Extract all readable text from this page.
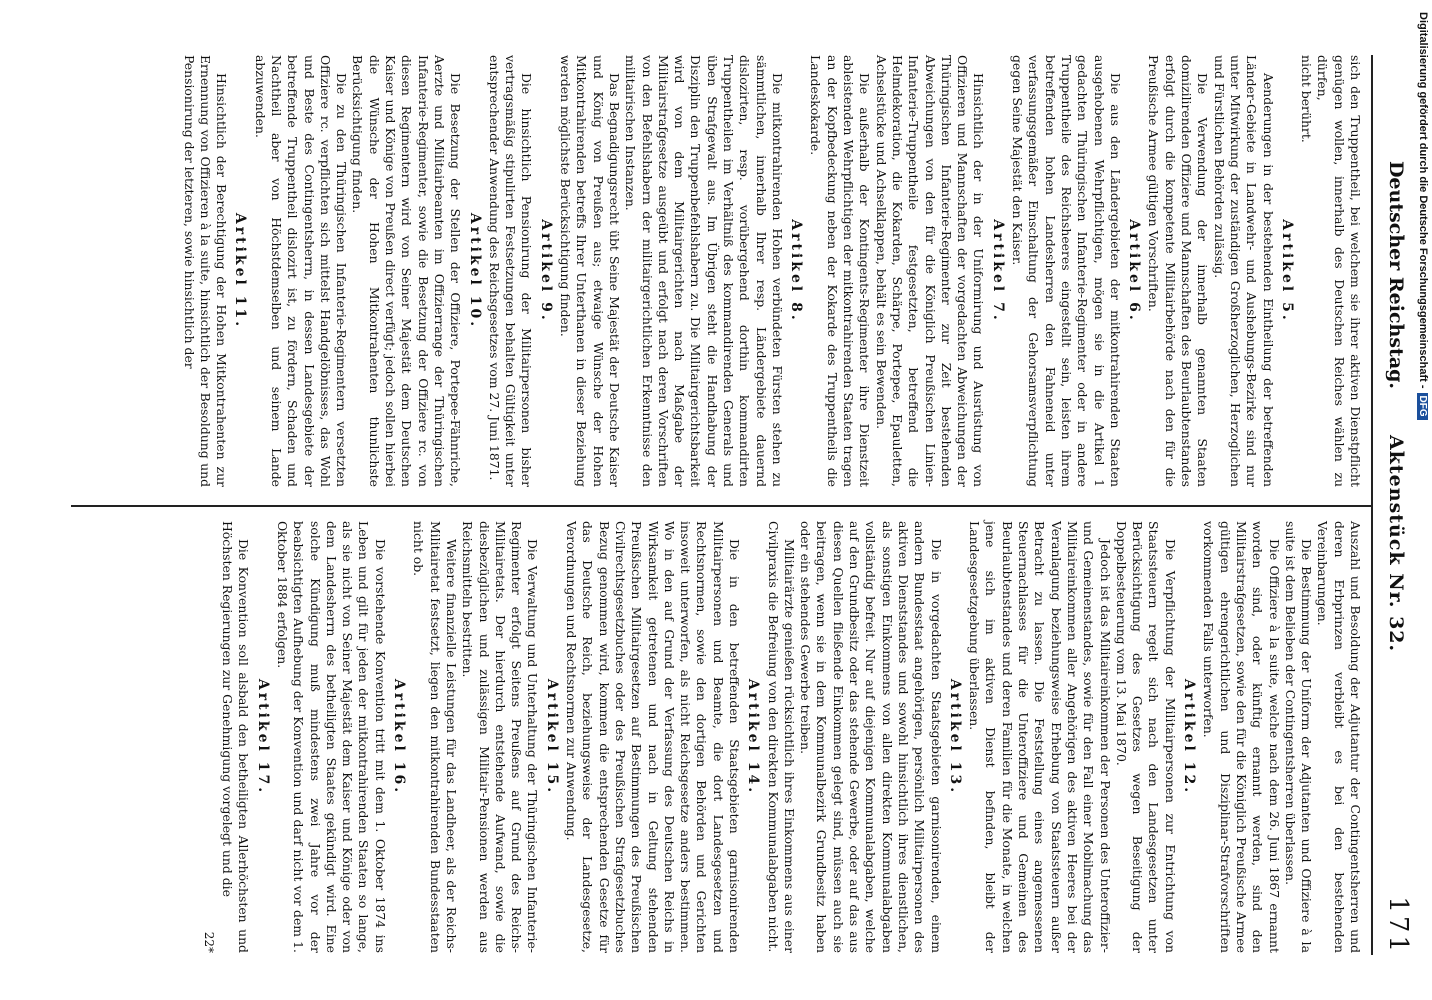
Deutscher Reichstag.
171
Aktenstück Nr. 32.

sich den Truppentheil, bei welchem sie ihrer aktiven Dienstpflicht genügen wollen, innerhalb des Deutschen Reiches wählen zu dürfen,

nicht berührt.

Artikel 5.

Aenderungen in der bestehenden Eintheilung der betreffenden Länder-Gebiete in Landwehr- und Aushebungs-Bezirke sind nur unter Mitwirkung der zuständigen Großherzoglichen, Herzoglichen und Fürstlichen Behörden zulässig.

Die Verwendung der innerhalb genannten Staaten domizilirenden Offiziere und Mannschaften des Beurlaubtenstandes erfolgt durch die kompetente Militairbehörde nach den für die Preußische Armee gültigen Vorschriften.

Artikel 6.

Die aus den Ländergebieten der mitkontrahirenden Staaten ausgehobenen Wehrpflichtigen, mögen sie in die Artikel 1 gedachten Thüringischen Infanterie-Regimenter oder in andere Truppentheile des Reichsheeres eingestellt sein, leisten ihrem betreffenden hohen Landesherren den Fahneneid unter verfassungsgemäßer Einschaltung der Gehorsamsverpflichtung gegen Seine Majestät den Kaiser.

Artikel 7.

Hinsichtlich der in der Uniformirung und Ausrüstung von Offizieren und Mannschaften der vorgedachten Abweichungen der Thüringischen Infanterie-Regimenter zur Zeit bestehenden Abweichungen von den für die Königlich Preußischen Linien-Infanterie-Truppentheile festgesetzten, betreffend die Helmdekoration, die Kokarden, Schärpe, Portepee, Epauletten, Achselstücke und Achselklappen, behält es sein Bewenden.

Die außerhalb der Kontingents-Regimenter ihre Dienstzeit ableistenden Wehrpflichtigen der mitkontrahirenden Staaten tragen an der Kopfbedeckung neben der Kokarde des Truppentheils die Landeskokarde.

Artikel 8.

Die mitkontrahirenden Hohen verbündeten Fürsten stehen zu sämmtlichen, innerhalb Ihrer resp. Ländergebiete dauernd dislozirten, resp. vorübergehend dorthin kommandirten Truppentheilen im Verhältniß des kommandirenden Generals und üben Strafgewalt aus. Im Übrigen steht die Handhabung der Disziplin den Truppenbefehlshabern zu. Die Militairgerichtsbarkeit wird von dem Militairgerichten nach Maßgabe der Militairstrafgesetze ausgeübt und erfolgt nach deren Vorschriften von den Befehlshabern der militairgerichtlichen Erkenntnisse den militairischen Instanzen.

Das Begnadigungsrecht übt Seine Majestät der Deutsche Kaiser und König von Preußen aus; etwaige Wünsche der Hohen Mitkontrahirenden betreffs Ihrer Unterthanen in dieser Beziehung werden möglichste Berücksichtigung finden.

Artikel 9.

Die hinsichtlich Pensionirung der Militairpersonen bisher vertragsmäßig stipulirten Festsetzungen behalten Gültigkeit unter entsprechender Anwendung des Reichsgesetzes vom 27. Juni 1871.

Artikel 10.

Die Besetzung der Stellen der Offiziere, Portepee-Fähnriche, Aerzte und Militairbeamten im Offizierrange der Thüringischen Infanterie-Regimenter, sowie die Besetzung der Offiziere rc. von diesen Regimentern wird von Seiner Majestät dem Deutschen Kaiser und Könige von Preußen direct verfügt; jedoch sollen hierbei die Wünsche der Hohen Mitkontrahenten thunlichste Berücksichtigung finden.

Die zu den Thüringischen Infanterie-Regimentern versetzten Offiziere rc. verpflichten sich mittelst Handgelöbnisses, das Wohl und Beste des Contingentsherrn, in dessen Landesgebiete der betreffende Truppentheil dislozirt ist, zu fördern, Schaden und Nachtheil aber von Höchstdemselben und seinem Lande abzuwenden.

Artikel 11.

Hinsichtlich der Berechtigung der Hohen Mitkontrahenten zur Ernennung von Offizieren à la suite, hinsichtlich der Besoldung und Pensionirung der letzteren, sowie hinsichtlich der

Auszahl und Besoldung der Adjutantur der Contingentsherren und deren Erbprinzen verbleibt es bei den bestehenden Vereinbarungen.

Die Bestimmung der Uniform der Adjutanten und Offiziere à la suite ist dem Belieben der Contingentsherren überlassen.

Die Offiziere à la suite, welche nach dem 26. Juni 1867 ernannt worden sind, oder künftig ernannt werden, sind den Militairstrafgesetzen, sowie den für die Königlich Preußische Armee gültigen ehrengerichtlichen und Disziplinar-Strafvorschriften vorkommenden Falls unterworfen.

Artikel 12.

Die Verpflichtung der Militairpersonen zur Entrichtung von Staatssteuern regelt sich nach den Landesgesetzen unter Berücksichtigung des Gesetzes wegen Beseitigung der Doppelbesteuerung vom 13. Mai 1870.

Jedoch ist das Militaireinkommen der Personen des Unteroffizier- und Gemeinenstandes, sowie für den Fall einer Mobilmachung das Militaireinkommen aller Angehörigen des aktiven Heeres bei der Veranlagung beziehungsweise Erhebung von Staatssteuern außer Betracht zu lassen. Die Feststellung eines angemessenen Steuernachlasses für die Unteroffiziere und Gemeinen des Beurlaubtenstandes und deren Familien für die Monate, in welchen jene sich im aktiven Dienst befinden, bleibt der Landesgesetzgebung überlassen.

Artikel 13.

Die in vorgedachten Staatsgebieten garnisonirenden, einem andern Bundesstaat angehörigen, persönlich Militairpersonen des aktiven Dienststandes und sowohl hinsichtlich ihres dienstlichen, als sonstigen Einkommens von allen direkten Kommunalabgaben vollständig befreit. Nur auf diejenigen Kommunalabgaben, welche auf den Grundbesitz oder das stehende Gewerbe, oder auf das aus diesen Quellen fließende Einkommen gelegt sind, müssen auch sie beitragen, wenn sie in dem Kommunalbezirk Grundbesitz haben oder ein stehendes Gewerbe treiben.

Militairärzte genießen rücksichtlich ihres Einkommens aus einer Civilpraxis die Befreiung von den direkten Kommunalabgaben nicht.

Artikel 14.

Die in den betreffenden Staatsgebieten garnisonirenden Militairpersonen und Beamte, die dort Landesgesetzen und Rechtsnormen, sowie den dortigen Behörden und Gerichten insoweit unterworfen, als nicht Reichsgesetze anders bestimmen. Wo in den auf Grund der Verfassung des Deutschen Reichs in Wirksamkeit getretenen und nach in Geltung stehenden Preußischen Militairgesetzen auf Bestimmungen des Preußischen Civilrechtsgesetzbuches oder des Preußischen Strafgesetzbuches Bezug genommen wird, kommen die entsprechenden Gesetze für das Deutsche Reich, beziehungsweise der Landesgesetze, Verordnungen und Rechtsnormen zur Anwendung.

Artikel 15.

Die Verwaltung und Unterhaltung der Thüringischen Infanterie-Regimenter erfolgt Seitens Preußens auf Grund des Reichs-Militairetats. Der hierdurch entstehende Aufwand, sowie die diesbezüglichen und zulässigen Militair-Pensionen werden aus Reichsmitteln bestritten.

Weitere finanzielle Leistungen für das Landheer, als der Reichs-Militairetat festsetzt, liegen den mitkontrahirenden Bundesstaaten nicht ob.

Artikel 16.

Die vorstehende Konvention tritt mit dem 1. Oktober 1874 ins Leben und gilt für jeden der mitkontrahirenden Staaten so lange, als sie nicht von Seiner Majestät dem Kaiser und Könige oder von dem Landesherrn des betheiligten Staates gekündigt wird. Eine solche Kündigung muß mindestens zwei Jahre vor der beabsichtigten Aufhebung der Konvention und darf nicht vor dem 1. Oktober 1884 erfolgen.

Artikel 17.

Die Konvention soll alsbald den betheiligten Allerhöchsten und Höchsten Regierungen zur Genehmigung vorgelegt und die

22*
Digitalisierung gefördert durch die Deutsche Forschungsgemeinschaft -
DFG
